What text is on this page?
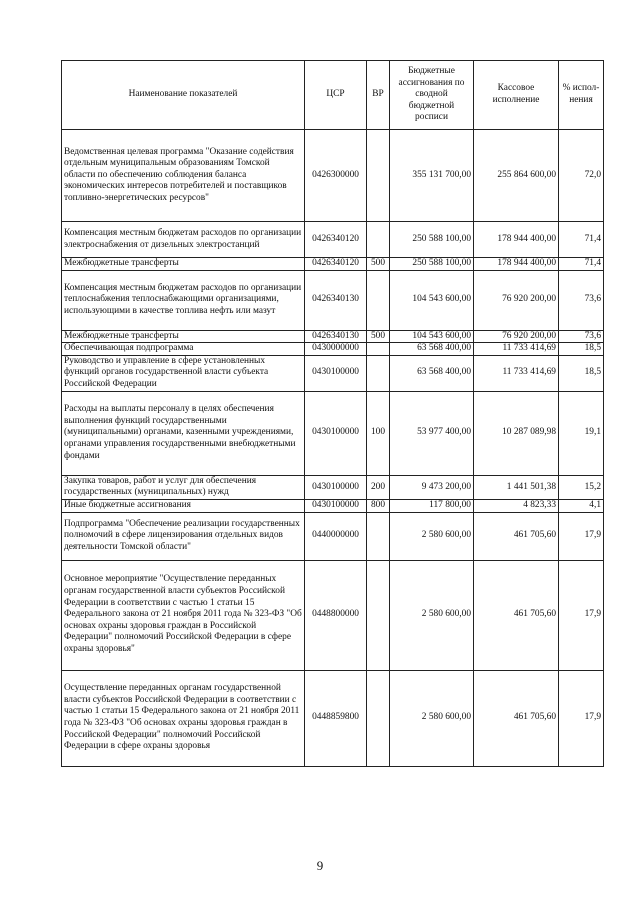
Наименование показателей	ЦСР	ВР	Бюджетные ассигнования по сводной бюджетной росписи	Кассовое исполнение	% испол-нения
Ведомственная целевая программа "Оказание содействия отдельным муниципальным образованиям Томской области по обеспечению соблюдения баланса экономических интересов потребителей и поставщиков топливно-энергетических ресурсов"	0426300000		355 131 700,00	255 864 600,00	72,0
Компенсация местным бюджетам расходов по организации электроснабжения от дизельных электростанций	0426340120		250 588 100,00	178 944 400,00	71,4
Межбюджетные трансферты	0426340120	500	250 588 100,00	178 944 400,00	71,4
Компенсация местным бюджетам расходов по организации теплоснабжения теплоснабжающими организациями, использующими в качестве топлива нефть или мазут	0426340130		104 543 600,00	76 920 200,00	73,6
Межбюджетные трансферты	0426340130	500	104 543 600,00	76 920 200,00	73,6
Обеспечивающая подпрограмма	0430000000		63 568 400,00	11 733 414,69	18,5
Руководство и управление в сфере установленных функций органов государственной власти субъекта Российской Федерации	0430100000		63 568 400,00	11 733 414,69	18,5
Расходы на выплаты персоналу в целях обеспечения выполнения функций государственными (муниципальными) органами, казенными учреждениями, органами управления государственными внебюджетными фондами	0430100000	100	53 977 400,00	10 287 089,98	19,1
Закупка товаров, работ и услуг для обеспечения государственных (муниципальных) нужд	0430100000	200	9 473 200,00	1 441 501,38	15,2
Иные бюджетные ассигнования	0430100000	800	117 800,00	4 823,33	4,1
Подпрограмма "Обеспечение реализации государственных полномочий в сфере лицензирования отдельных видов деятельности Томской области"	0440000000		2 580 600,00	461 705,60	17,9
Основное мероприятие "Осуществление переданных органам государственной власти субъектов Российской Федерации в соответствии с частью 1 статьи 15 Федерального закона от 21 ноября 2011 года № 323-ФЗ "Об основах охраны здоровья граждан в Российской Федерации" полномочий Российской Федерации в сфере охраны здоровья"	0448800000		2 580 600,00	461 705,60	17,9
Осуществление переданных органам государственной власти субъектов Российской Федерации в соответствии с частью 1 статьи 15 Федерального закона от 21 ноября 2011 года № 323-ФЗ "Об основах охраны здоровья граждан в Российской Федерации" полномочий Российской Федерации в сфере охраны здоровья	0448859800		2 580 600,00	461 705,60	17,9
9
